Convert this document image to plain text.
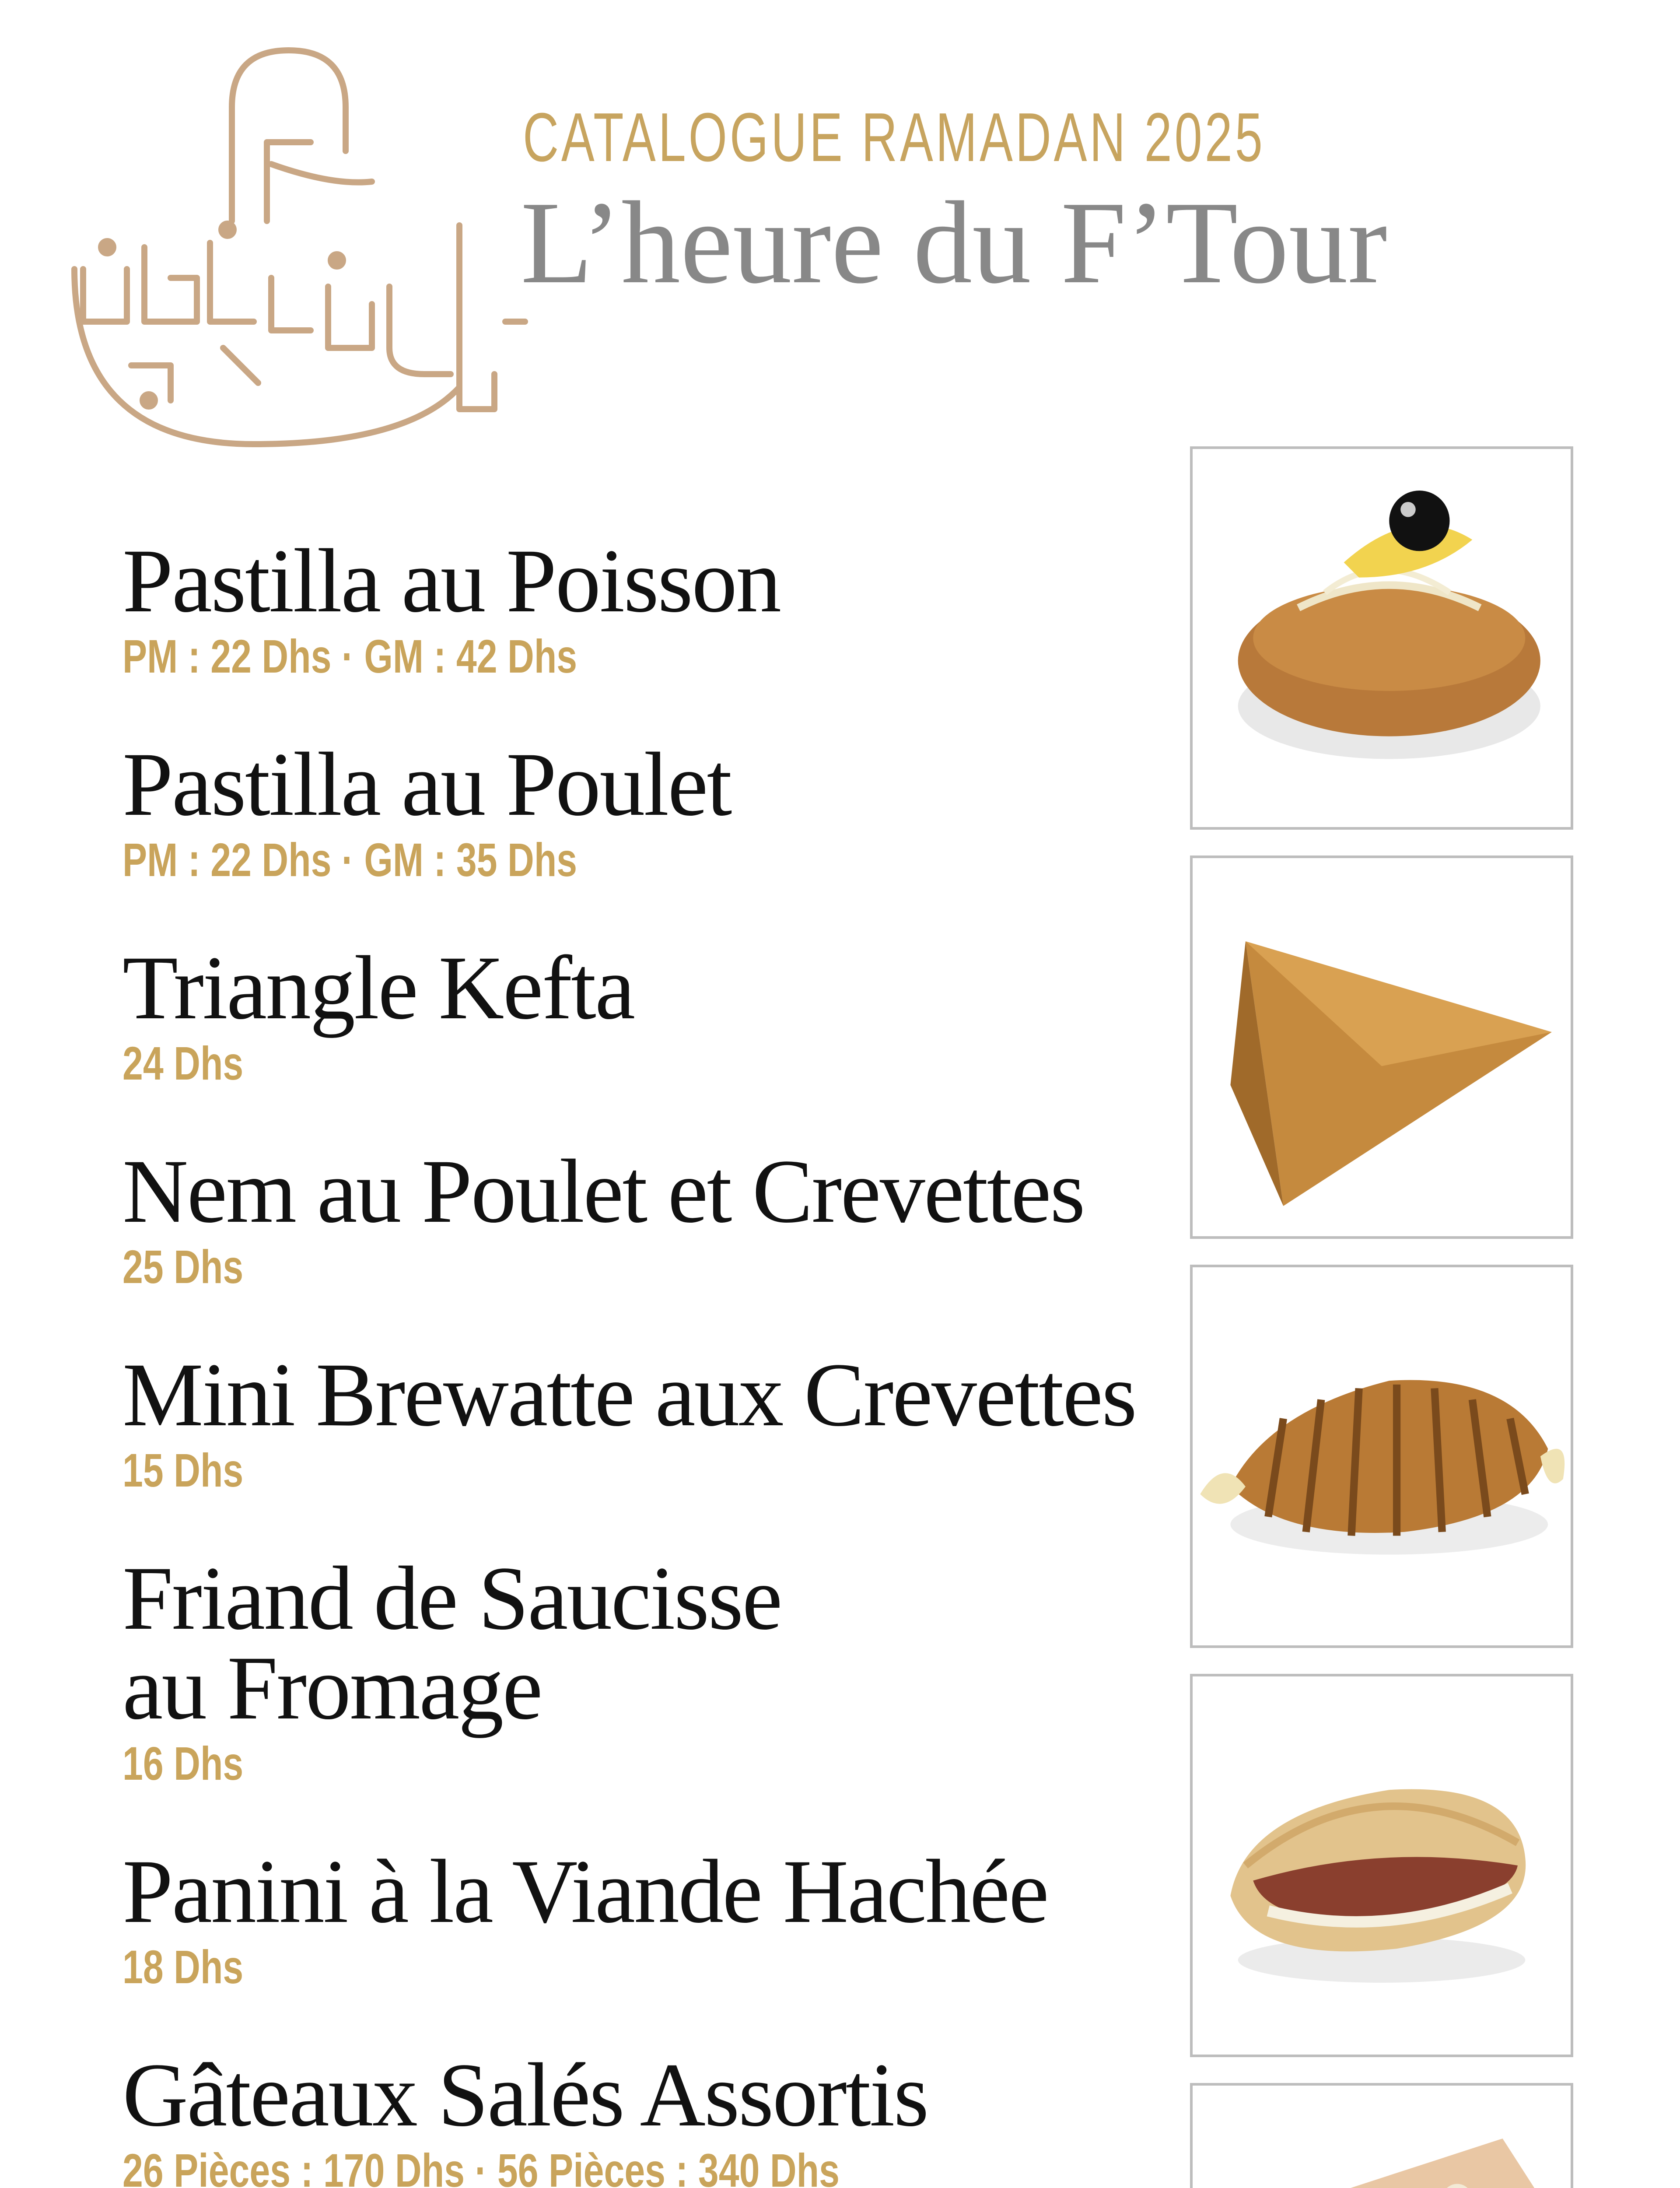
CATALOGUE RAMADAN 2025
L’heure du F’Tour
Pastilla au Poisson
PM : 22 Dhs · GM : 42 Dhs
Pastilla au Poulet
PM : 22 Dhs · GM : 35 Dhs
Triangle Kefta
24 Dhs
Nem au Poulet et Crevettes
25 Dhs
Mini Brewatte aux Crevettes
15 Dhs
Friand de Saucisse
au Fromage
16 Dhs
Panini à la Viande Hachée
18 Dhs
Gâteaux Salés Assortis
26 Pièces : 170 Dhs · 56 Pièces : 340 Dhs
